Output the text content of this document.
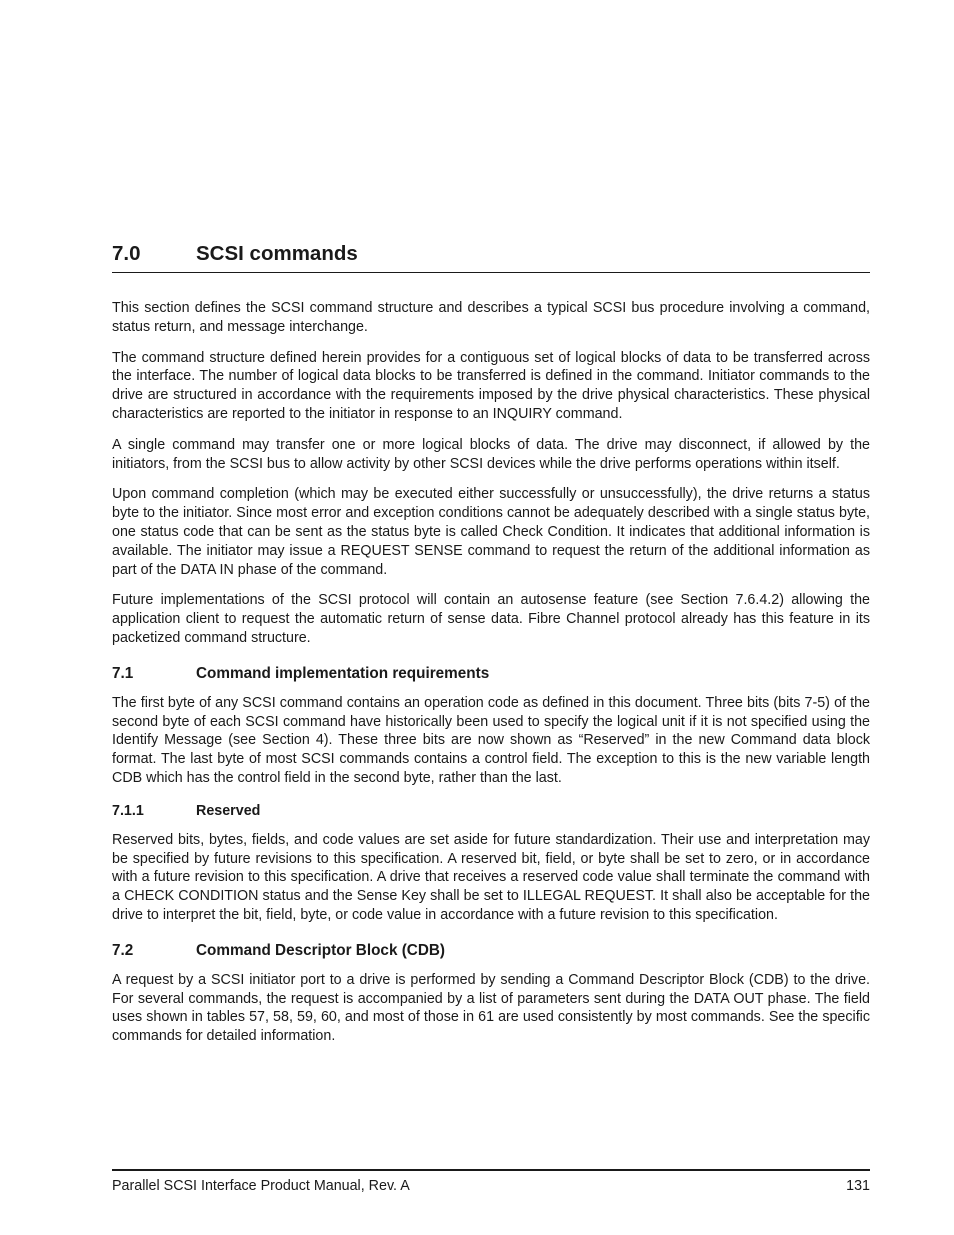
7.0	SCSI commands

This section defines the SCSI command structure and describes a typical SCSI bus procedure involving a command, status return, and message interchange.

The command structure defined herein provides for a contiguous set of logical blocks of data to be transferred across the interface. The number of logical data blocks to be transferred is defined in the command. Initiator commands to the drive are structured in accordance with the requirements imposed by the drive physical characteristics. These physical characteristics are reported to the initiator in response to an INQUIRY command.

A single command may transfer one or more logical blocks of data. The drive may disconnect, if allowed by the initiators, from the SCSI bus to allow activity by other SCSI devices while the drive performs operations within itself.

Upon command completion (which may be executed either successfully or unsuccessfully), the drive returns a status byte to the initiator. Since most error and exception conditions cannot be adequately described with a single status byte, one status code that can be sent as the status byte is called Check Condition. It indicates that additional information is available. The initiator may issue a REQUEST SENSE command to request the return of the additional information as part of the DATA IN phase of the command.

Future implementations of the SCSI protocol will contain an autosense feature (see Section 7.6.4.2) allowing the application client to request the automatic return of sense data. Fibre Channel protocol already has this feature in its packetized command structure.

7.1	Command implementation requirements

The first byte of any SCSI command contains an operation code as defined in this document. Three bits (bits 7-5) of the second byte of each SCSI command have historically been used to specify the logical unit if it is not specified using the Identify Message (see Section 4). These three bits are now shown as “Reserved” in the new Command data block format. The last byte of most SCSI commands contains a control field. The exception to this is the new variable length CDB which has the control field in the second byte, rather than the last.

7.1.1	Reserved

Reserved bits, bytes, fields, and code values are set aside for future standardization. Their use and interpretation may be specified by future revisions to this specification. A reserved bit, field, or byte shall be set to zero, or in accordance with a future revision to this specification. A drive that receives a reserved code value shall terminate the command with a CHECK CONDITION status and the Sense Key shall be set to ILLEGAL REQUEST. It shall also be acceptable for the drive to interpret the bit, field, byte, or code value in accordance with a future revision to this specification.

7.2	Command Descriptor Block (CDB)

A request by a SCSI initiator port to a drive is performed by sending a Command Descriptor Block (CDB) to the drive. For several commands, the request is accompanied by a list of parameters sent during the DATA OUT phase. The field uses shown in tables 57, 58, 59, 60, and most of those in 61 are used consistently by most commands. See the specific commands for detailed information.

Parallel SCSI Interface Product Manual, Rev. A	131
